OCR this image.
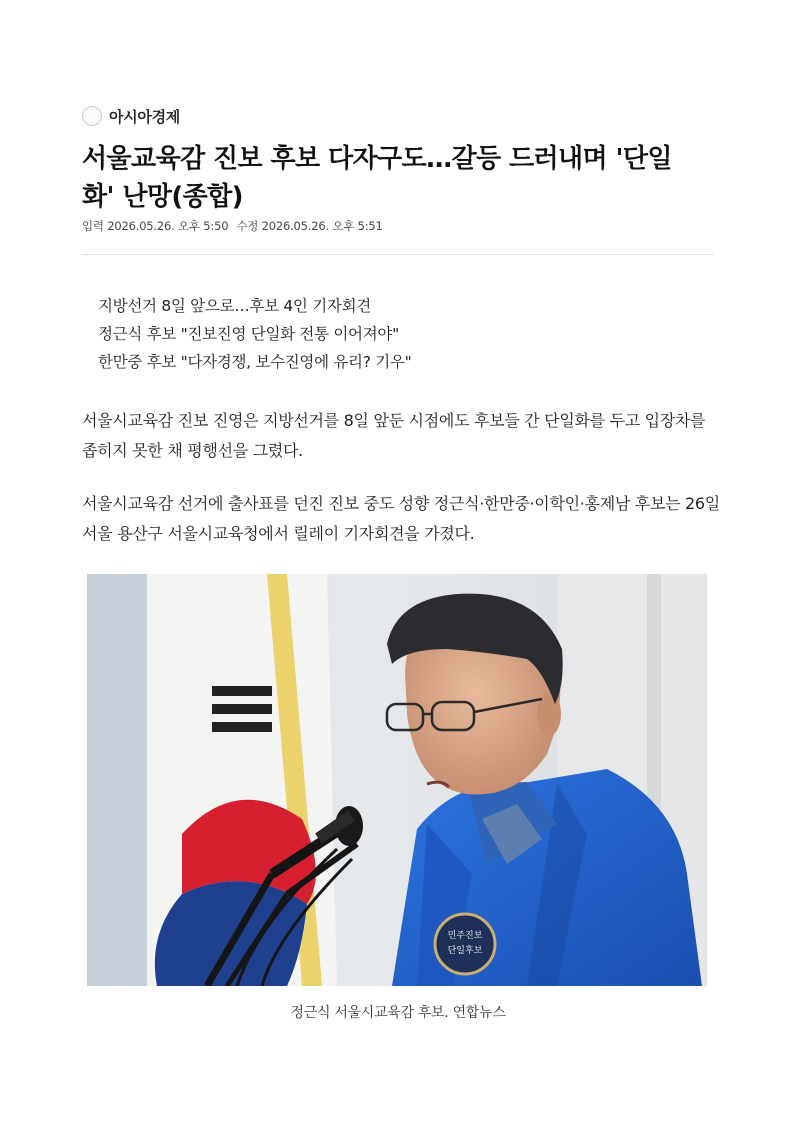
아시아경제
서울교육감 진보 후보 다자구도…갈등 드러내며 '단일
화' 난망(종합)
입력 2026.05.26. 오후 5:50 수정 2026.05.26. 오후 5:51
지방선거 8일 앞으로…후보 4인 기자회견
정근식 후보 "진보진영 단일화 전통 이어져야"
한만중 후보 "다자경쟁, 보수진영에 유리? 기우"

서울시교육감 진보 진영은 지방선거를 8일 앞둔 시점에도 후보들 간 단일화를 두고 입장차를 좁히지 못한 채 평행선을 그렸다.

서울시교육감 선거에 출사표를 던진 진보 중도 성향 정근식·한만중·이학인·홍제남 후보는 26일 서울 용산구 서울시교육청에서 릴레이 기자회견을 가졌다.

민주진보
단일후보
정근식 서울시교육감 후보. 연합뉴스
